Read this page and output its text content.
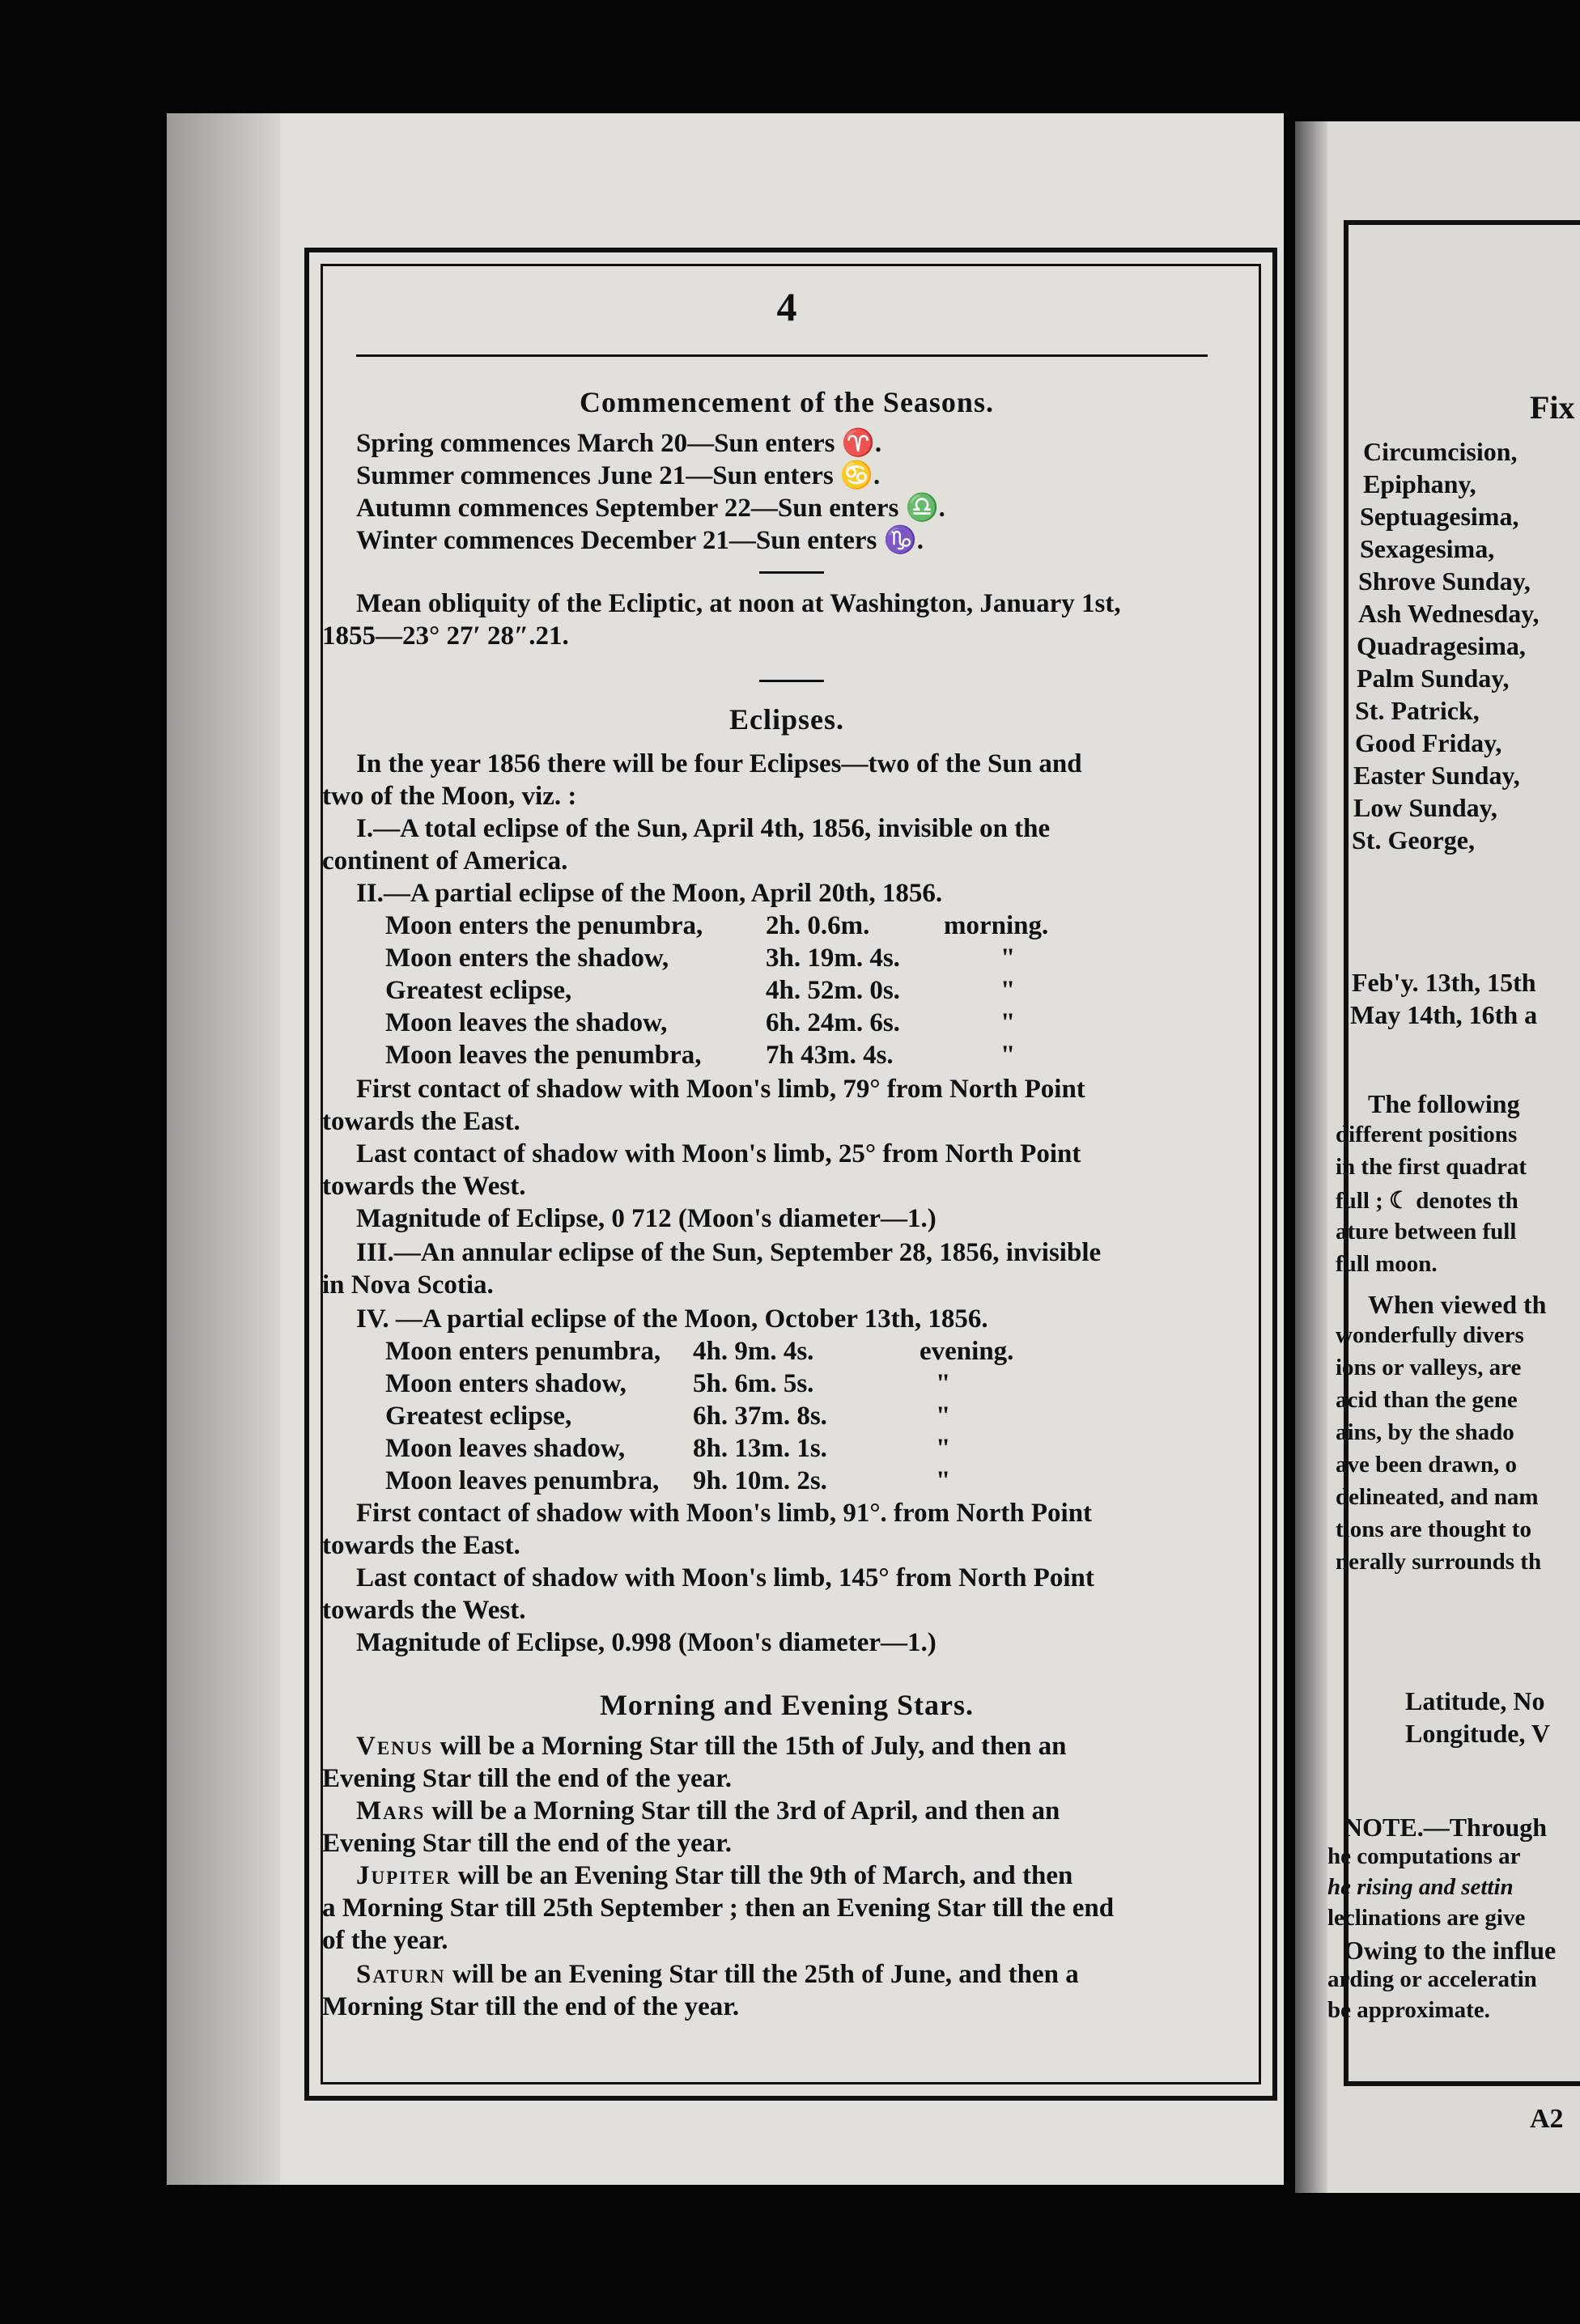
4
Commencement of the Seasons.
Spring commences March 20—Sun enters ♈.
Summer commences June 21—Sun enters ♋.
Autumn commences September 22—Sun enters ♎.
Winter commences December 21—Sun enters ♑.
Mean obliquity of the Ecliptic, at noon at Washington, January 1st,
1855—23° 27′ 28″.21.
Eclipses.
In the year 1856 there will be four Eclipses—two of the Sun and
two of the Moon, viz. :
I.—A total eclipse of the Sun, April 4th, 1856, invisible on the
continent of America.
II.—A partial eclipse of the Moon, April 20th, 1856.
Moon enters the penumbra, 2h. 0.6m.	morning.
Moon enters the shadow,	3h. 19m. 4s.	"
Greatest eclipse,	4h. 52m. 0s.	"
Moon leaves the shadow,	6h. 24m. 6s.	"
Moon leaves the penumbra, 7h 43m. 4s.	"
First contact of shadow with Moon's limb, 79° from North Point
towards the East.
Last contact of shadow with Moon's limb, 25° from North Point
towards the West.
Magnitude of Eclipse, 0 712 (Moon's diameter—1.)
III.—An annular eclipse of the Sun, September 28, 1856, invisible
in Nova Scotia.
IV. —A partial eclipse of the Moon, October 13th, 1856.
Moon enters penumbra, 4h. 9m. 4s.	evening.
Moon enters shadow, 5h. 6m. 5s.	"
Greatest eclipse,	6h. 37m. 8s.	"
Moon leaves shadow,	8h. 13m. 1s.	"
Moon leaves penumbra, 9h. 10m. 2s.	"
First contact of shadow with Moon's limb, 91°. from North Point
towards the East.
Last contact of shadow with Moon's limb, 145° from North Point
towards the West.
Magnitude of Eclipse, 0.998 (Moon's diameter—1.)
Morning and Evening Stars.
Venus will be a Morning Star till the 15th of July, and then an
Evening Star till the end of the year.
Mars will be a Morning Star till the 3rd of April, and then an
Evening Star till the end of the year.
Jupiter will be an Evening Star till the 9th of March, and then
a Morning Star till 25th September ; then an Evening Star till the end
of the year.
Saturn will be an Evening Star till the 25th of June, and then a
Morning Star till the end of the year.
Fix
Circumcision,
Epiphany,
Septuagesima,
Sexagesima,
Shrove Sunday,
Ash Wednesday,
Quadragesima,
Palm Sunday,
St. Patrick,
Good Friday,
Easter Sunday,
Low Sunday,
St. George,
Feb'y. 13th, 15th
May 14th, 16th a
The following
different positions
in the first quadrat
full ; ☾ denotes th
ature between full
full moon.
When viewed th
wonderfully divers
ions or valleys, are
acid than the gene
ains, by the shado
ave been drawn, o
delineated, and nam
tions are thought to
nerally surrounds th
Latitude, No
Longitude, V
NOTE.—Through
he computations ar
he rising and settin
leclinations are give
Owing to the influe
arding or acceleratin
be approximate.
A2
